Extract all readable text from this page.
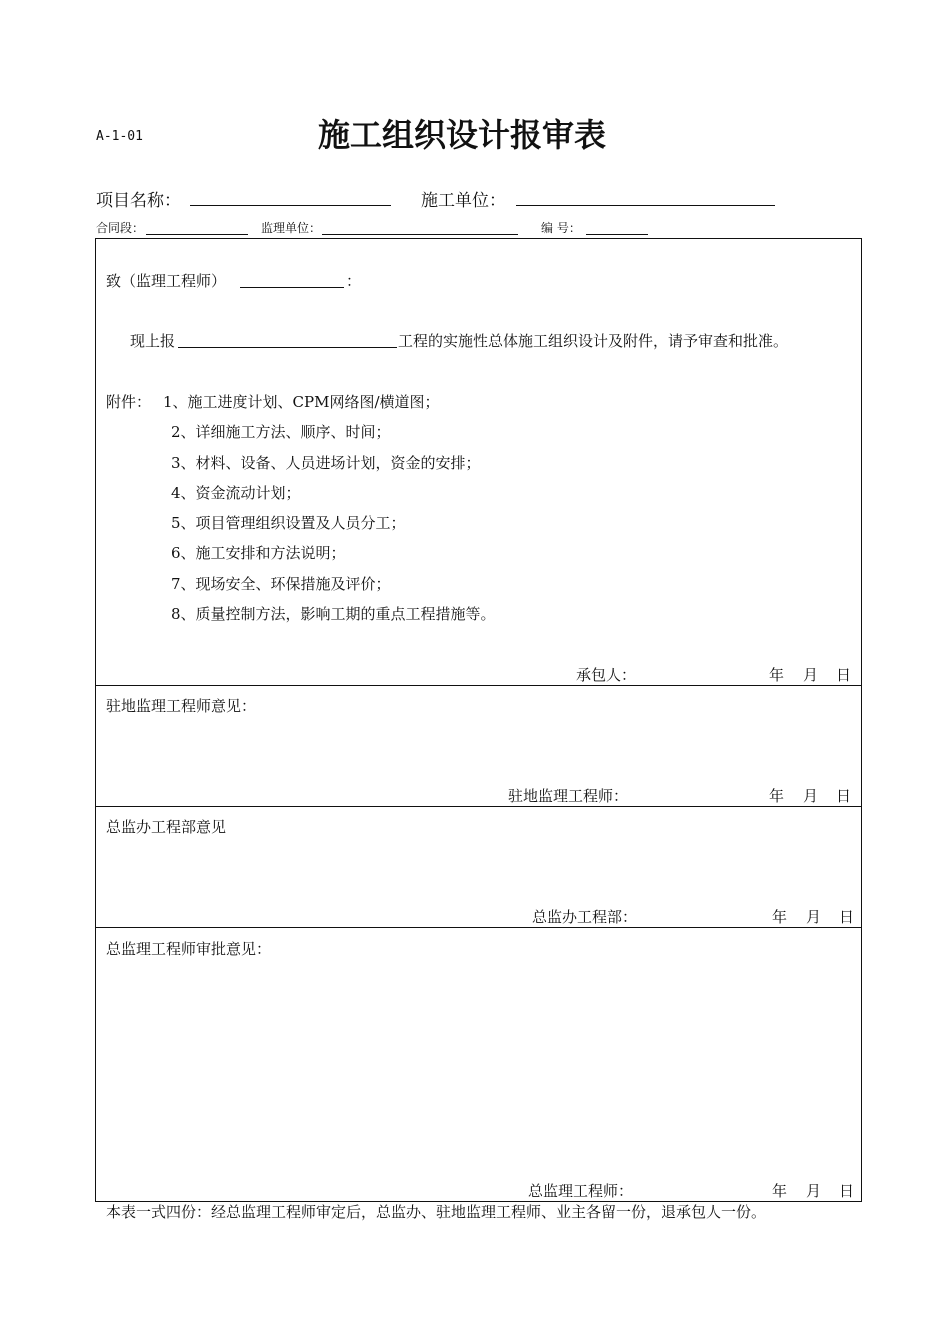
A-1-01	施工组织设计报审表
项目名称：	施工单位：
合同段：	监理单位：	编 号：
致（监理工程师）	：
现上报	工程的实施性总体施工组织设计及附件，请予审查和批准。
附件： 1、施工进度计划、CPM网络图/横道图；
2、详细施工方法、顺序、时间；
3、材料、设备、人员进场计划，资金的安排；
4、资金流动计划；
5、项目管理组织设置及人员分工；
6、施工安排和方法说明；
7、现场安全、环保措施及评价；
8、质量控制方法，影响工期的重点工程措施等。
承包人：	年 月 日
驻地监理工程师意见：
驻地监理工程师：	年 月 日
总监办工程部意见
总监办工程部：	年 月 日
总监理工程师审批意见：
总监理工程师：	年 月 日
本表一式四份：经总监理工程师审定后，总监办、驻地监理工程师、业主各留一份，退承包人一份。
